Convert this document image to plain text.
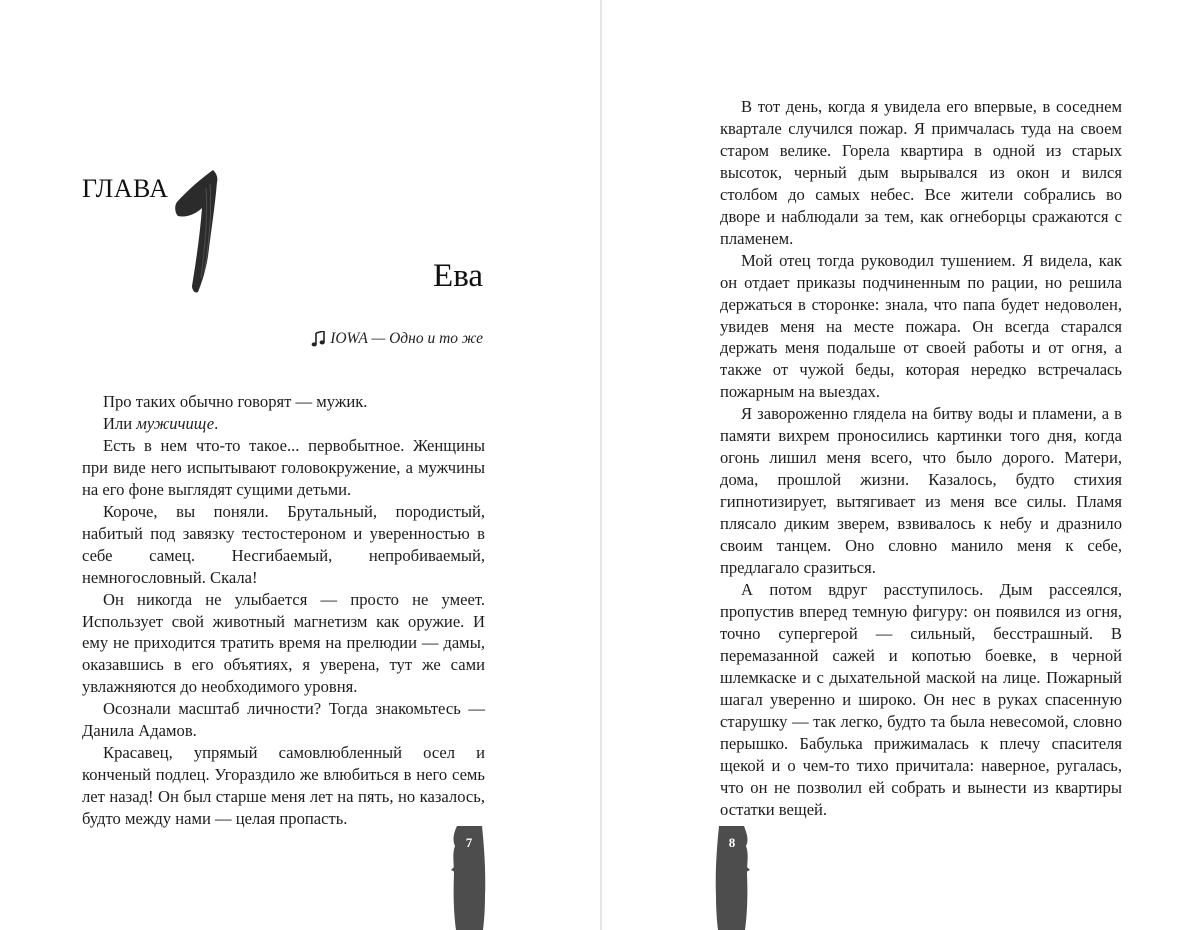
ГЛАВА
Ева
IOWA — Одно и то же

Про таких обычно говорят — мужик.

Или мужичище.

Есть в нем что-то такое... первобытное. Женщины при виде него испытывают головокружение, а мужчины на его фоне выглядят сущими детьми.

Короче, вы поняли. Брутальный, породистый, набитый под завязку тестостероном и уверенностью в себе самец. Несгибаемый, непробиваемый, немногословный. Скала!

Он никогда не улыбается — просто не умеет. Использует свой животный магнетизм как оружие. И ему не приходится тратить время на прелюдии — дамы, оказавшись в его объятиях, я уверена, тут же сами увлажняются до необходимого уровня.

Осознали масштаб личности? Тогда знакомьтесь — Данила Адамов.

Красавец, упрямый самовлюбленный осел и конченый подлец. Угораздило же влюбиться в него семь лет назад! Он был старше меня лет на пять, но казалось, будто между нами — целая пропасть.

7

В тот день, когда я увидела его впервые, в соседнем квартале случился пожар. Я примчалась туда на своем старом велике. Горела квартира в одной из старых высоток, черный дым вырывался из окон и вился столбом до самых небес. Все жители собрались во дворе и наблюдали за тем, как огнеборцы сражаются с пламенем.

Мой отец тогда руководил тушением. Я видела, как он отдает приказы подчиненным по рации, но решила держаться в сторонке: знала, что папа будет недоволен, увидев меня на месте пожара. Он всегда старался держать меня подальше от своей работы и от огня, а также от чужой беды, которая нередко встречалась пожарным на выездах.

Я завороженно глядела на битву воды и пламени, а в памяти вихрем проносились картинки того дня, когда огонь лишил меня всего, что было дорого. Матери, дома, прошлой жизни. Казалось, будто стихия гипнотизирует, вытягивает из меня все силы. Пламя плясало диким зверем, взвивалось к небу и дразнило своим танцем. Оно словно манило меня к себе, предлагало сразиться.

А потом вдруг расступилось. Дым рассеялся, пропустив вперед темную фигуру: он появился из огня, точно супергерой — сильный, бесстрашный. В перемазанной сажей и копотью боевке, в черной шлемкаске и с дыхательной маской на лице. Пожарный шагал уверенно и широко. Он нес в руках спасенную старушку — так легко, будто та была невесомой, словно перышко. Бабулька прижималась к плечу спасителя щекой и о чем-то тихо причитала: наверное, ругалась, что он не позволил ей собрать и вынести из квартиры остатки вещей.

8
